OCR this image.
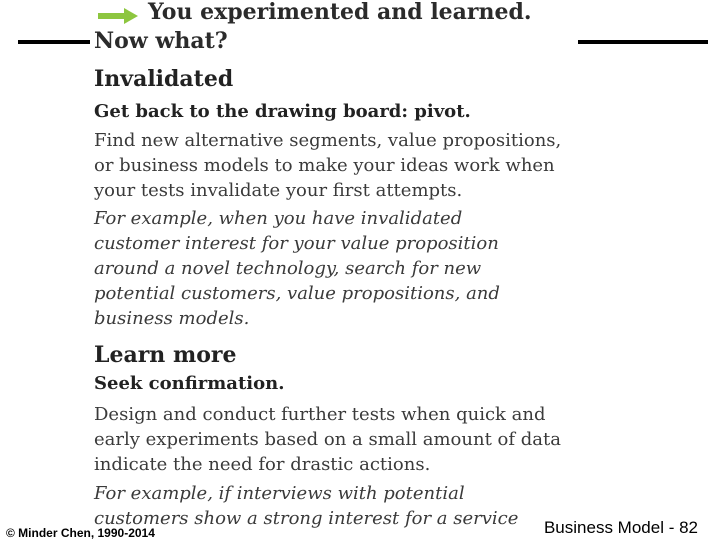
You experimented and learned.
Now what?
Invalidated
Get back to the drawing board: pivot.
Find new alternative segments, value propositions,
or business models to make your ideas work when
your tests invalidate your first attempts.
For example, when you have invalidated
customer interest for your value proposition
around a novel technology, search for new
potential customers, value propositions, and
business models.
Learn more
Seek confirmation.
Design and conduct further tests when quick and
early experiments based on a small amount of data
indicate the need for drastic actions.
For example, if interviews with potential
customers show a strong interest for a service
© Minder Chen, 1990-2014	Business Model - 82
